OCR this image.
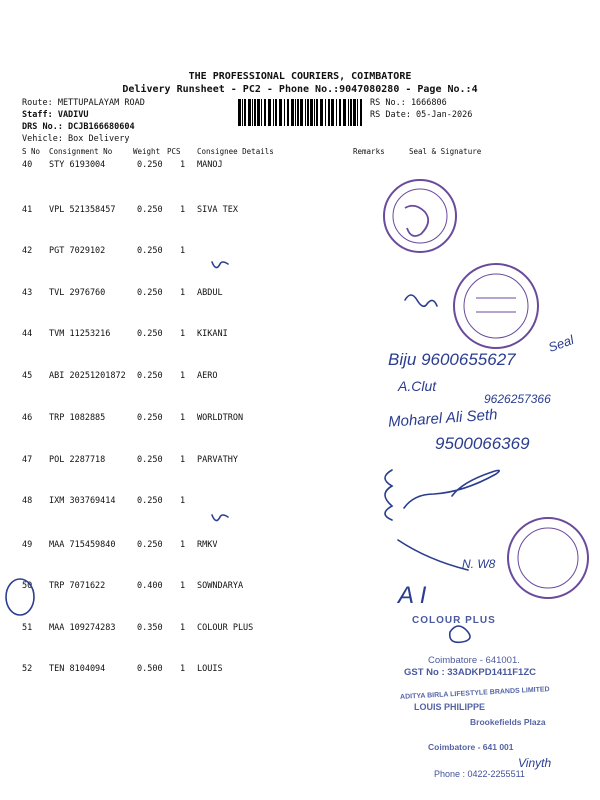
THE PROFESSIONAL COURIERS, COIMBATORE
Delivery Runsheet - PC2 - Phone No.:9047080280 - Page No.:4
Route: METTUPALAYAM ROAD
Staff: VADIVU
DRS No.: DCJB166680604
Vehicle: Box Delivery
RS No.: 1666806
RS Date: 05-Jan-2026
S No Consignment No	Weight PCS Consignee Details	Remarks	Seal & Signature
40 STY 6193004	0.250 1 MANOJ
41 VPL 521358457	0.250 1 SIVA TEX
42 PGT 7029102	0.250 1
43 TVL 2976760	0.250 1 ABDUL
44 TVM 11253216	0.250 1 KIKANI
45 ABI 20251201872 0.250 1 AERO
46 TRP 1082885	0.250 1 WORLDTRON
47 POL 2287718	0.250 1 PARVATHY
48 IXM 303769414	0.250 1
49 MAA 715459840	0.250 1 RMKV
50 TRP 7071622	0.400 1 SOWNDARYA
51 MAA 109274283	0.350 1 COLOUR PLUS
52 TEN 8104094	0.500 1 LOUIS
Seal
Biju 9600655627
A.Clut
9626257366
Moharel Ali Seth
9500066369
N. W8
A I
COLOUR PLUS
Coimbatore - 641001.
GST No : 33ADKPD1411F1ZC
ADITYA BIRLA LIFESTYLE BRANDS LIMITED
LOUIS PHILIPPE
Brookefields Plaza
Coimbatore - 641 001
Vinyth
Phone : 0422-2255511
